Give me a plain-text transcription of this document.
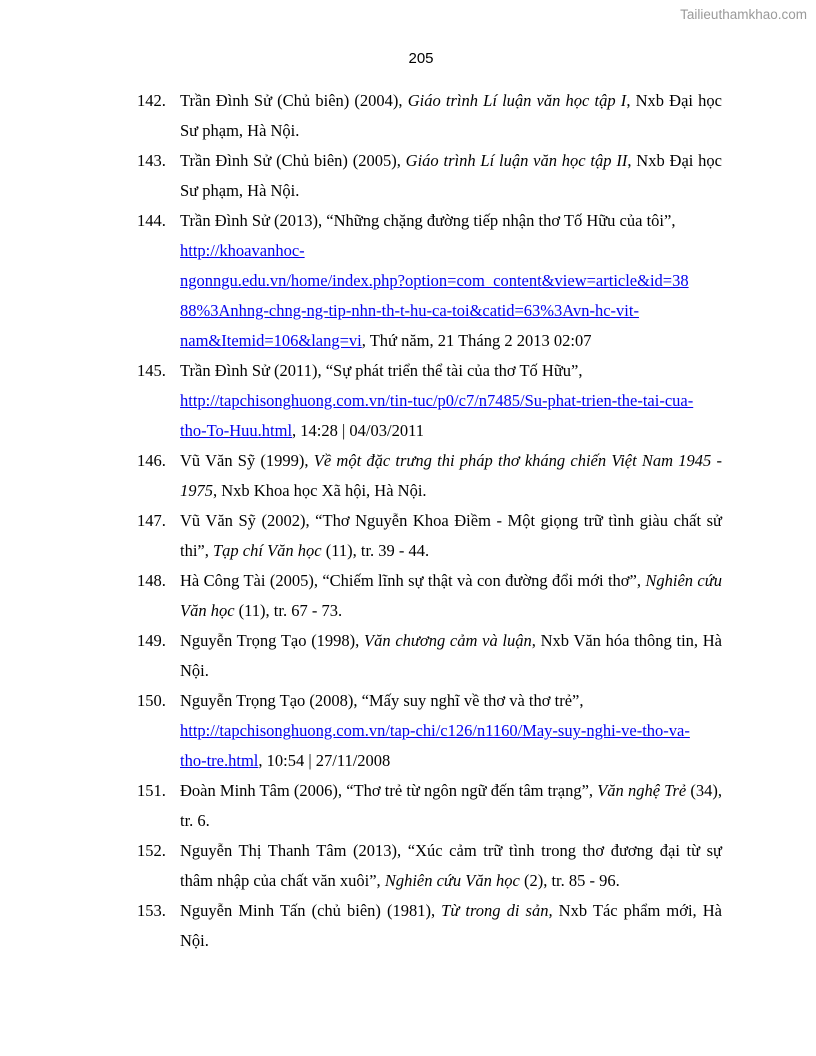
Tailieuthamkhao.com
205
142. Trần Đình Sử (Chủ biên) (2004), Giáo trình Lí luận văn học tập I, Nxb Đại học Sư phạm, Hà Nội.
143. Trần Đình Sử (Chủ biên) (2005), Giáo trình Lí luận văn học tập II, Nxb Đại học Sư phạm, Hà Nội.
144. Trần Đình Sử (2013), “Những chặng đường tiếp nhận thơ Tố Hữu của tôi”,
http://khoavanhoc-
ngonngu.edu.vn/home/index.php?option=com_content&view=article&id=38
88%3Anhng-chng-ng-tip-nhn-th-t-hu-ca-toi&catid=63%3Avn-hc-vit-
nam&Itemid=106&lang=vi, Thứ năm, 21 Tháng 2 2013 02:07
145. Trần Đình Sử (2011), “Sự phát triển thể tài của thơ Tố Hữu”,
http://tapchisonghuong.com.vn/tin-tuc/p0/c7/n7485/Su-phat-trien-the-tai-cua-
tho-To-Huu.html, 14:28 | 04/03/2011
146. Vũ Văn Sỹ (1999), Về một đặc trưng thi pháp thơ kháng chiến Việt Nam 1945 - 1975, Nxb Khoa học Xã hội, Hà Nội.
147. Vũ Văn Sỹ (2002), “Thơ Nguyễn Khoa Điềm - Một giọng trữ tình giàu chất sử thi”, Tạp chí Văn học (11), tr. 39 - 44.
148. Hà Công Tài (2005), “Chiếm lĩnh sự thật và con đường đổi mới thơ”, Nghiên cứu Văn học (11), tr. 67 - 73.
149. Nguyễn Trọng Tạo (1998), Văn chương cảm và luận, Nxb Văn hóa thông tin, Hà Nội.
150. Nguyễn Trọng Tạo (2008), “Mấy suy nghĩ về thơ và thơ trẻ”,
http://tapchisonghuong.com.vn/tap-chi/c126/n1160/May-suy-nghi-ve-tho-va-
tho-tre.html, 10:54 | 27/11/2008
151. Đoàn Minh Tâm (2006), “Thơ trẻ từ ngôn ngữ đến tâm trạng”, Văn nghệ Trẻ (34), tr. 6.
152. Nguyễn Thị Thanh Tâm (2013), “Xúc cảm trữ tình trong thơ đương đại từ sự thâm nhập của chất văn xuôi”, Nghiên cứu Văn học (2), tr. 85 - 96.
153. Nguyễn Minh Tấn (chủ biên) (1981), Từ trong di sản, Nxb Tác phẩm mới, Hà Nội.
